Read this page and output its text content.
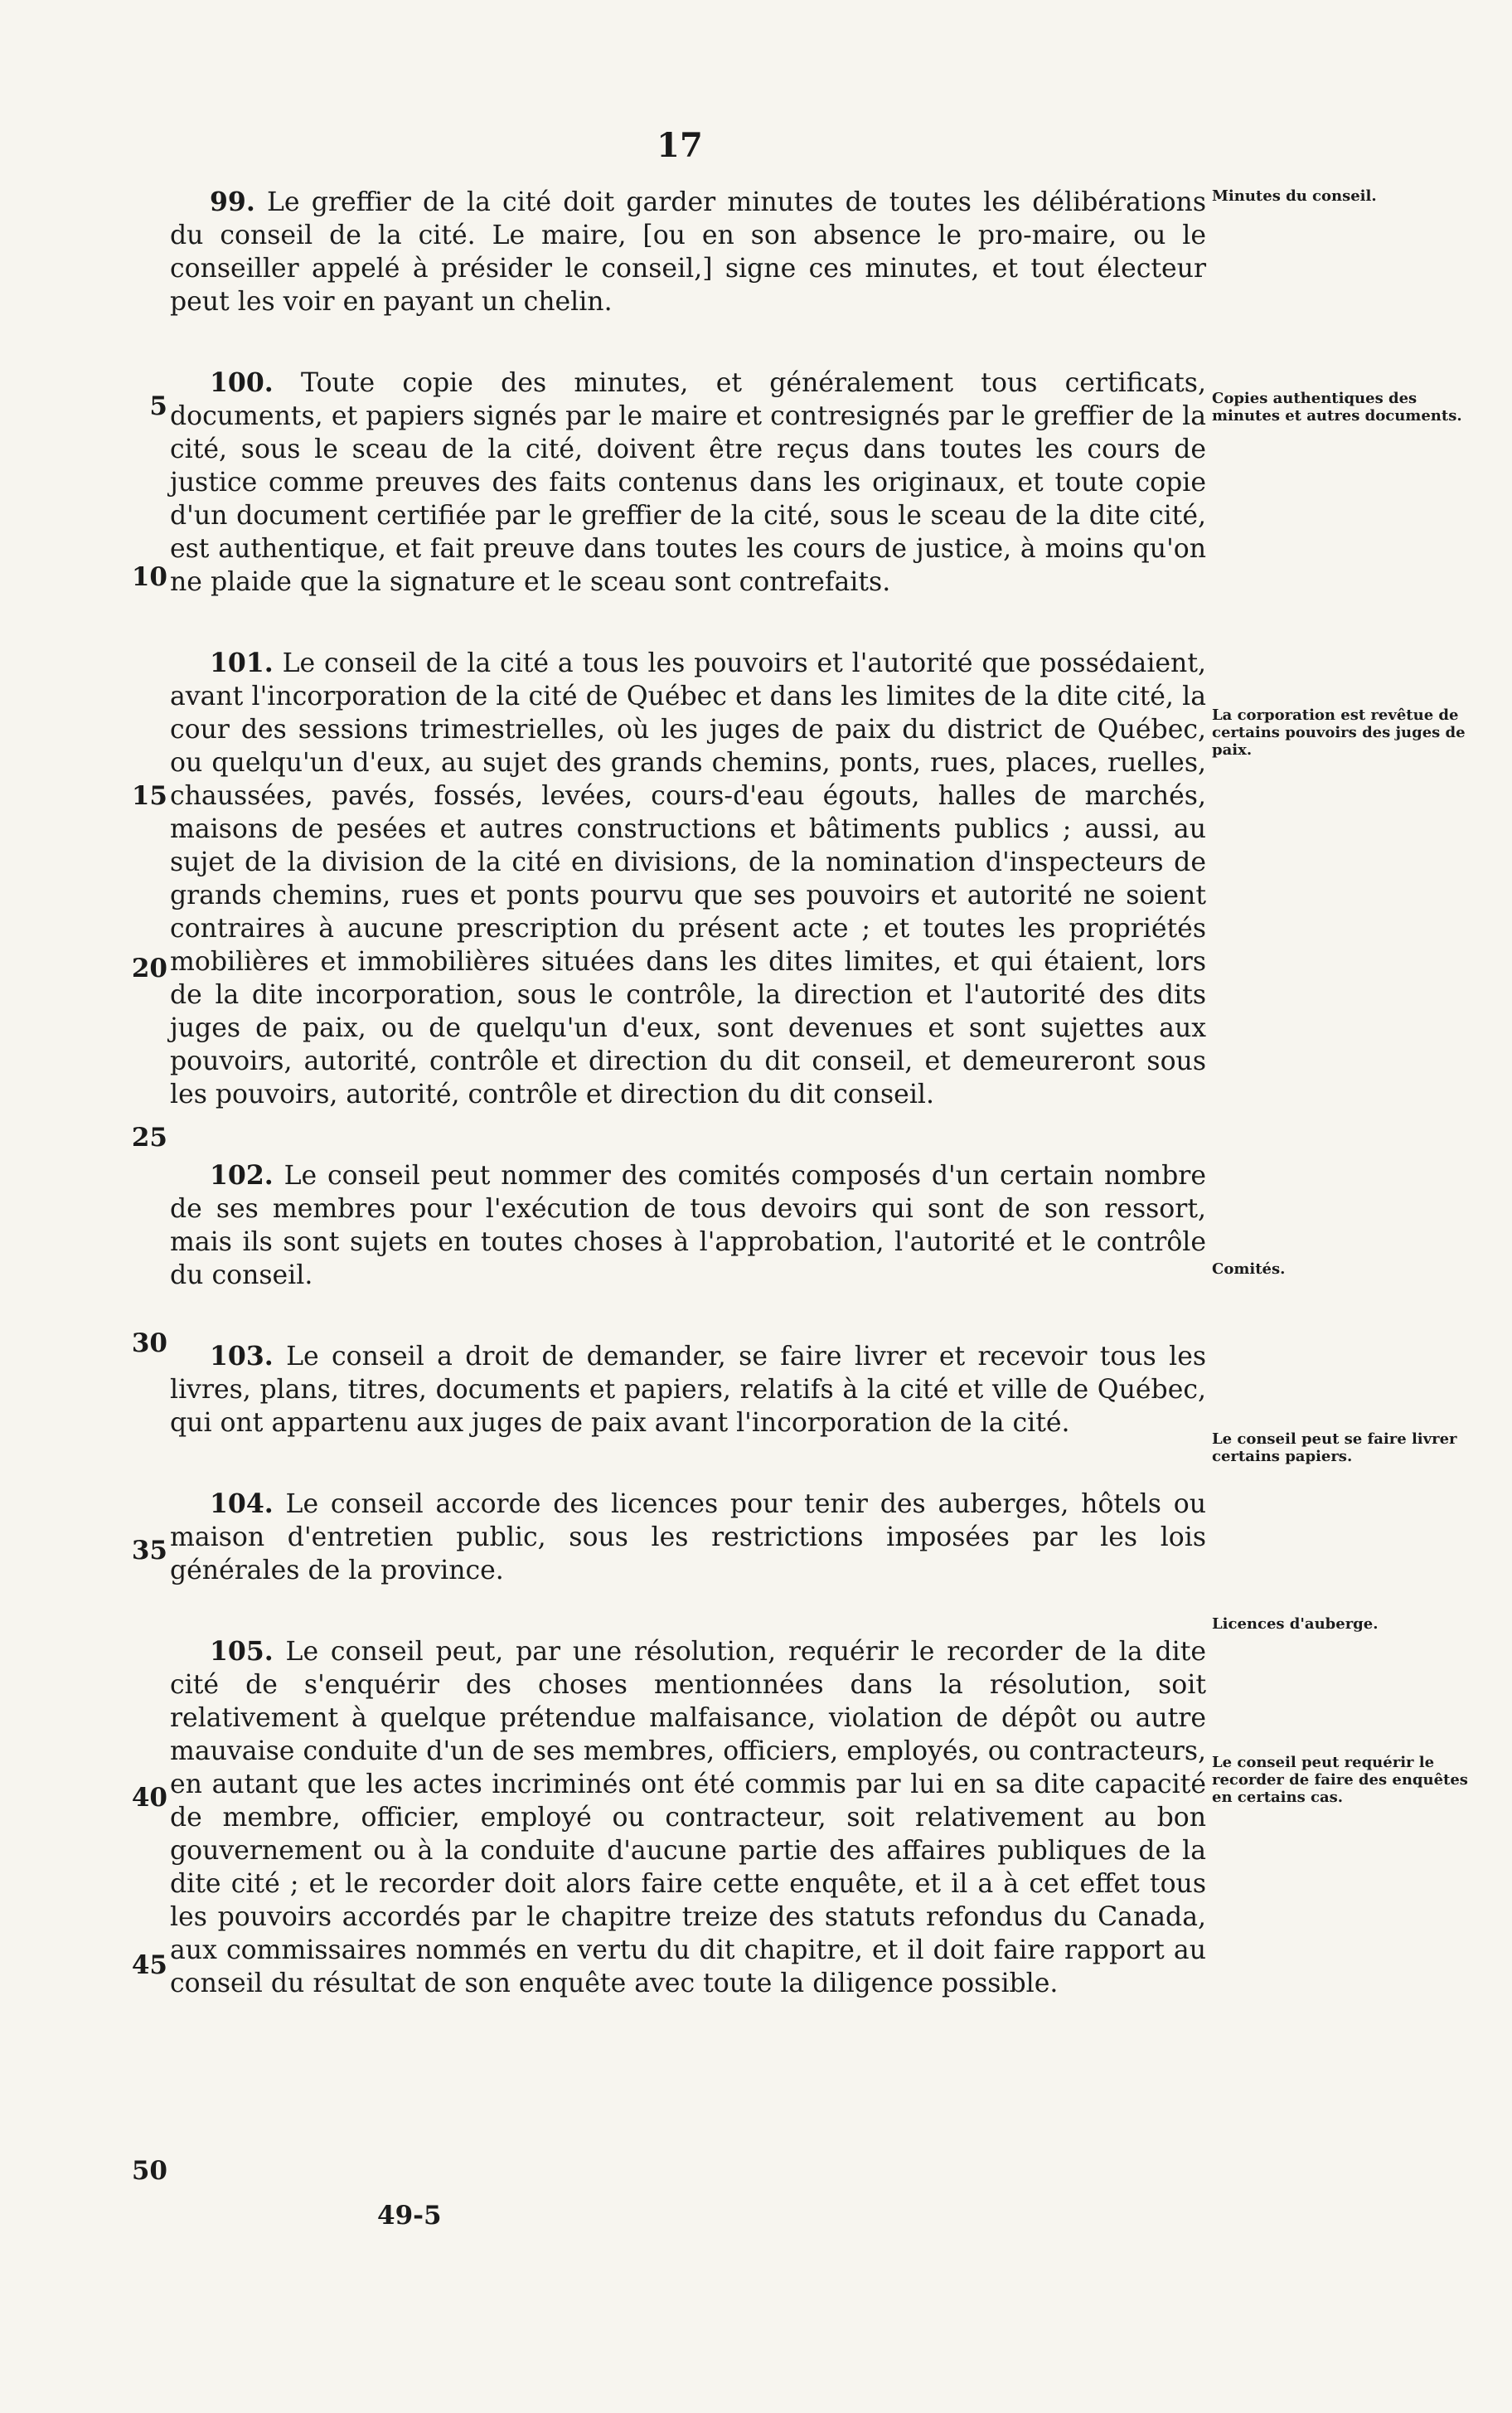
17

99. Le greffier de la cité doit garder minutes de toutes les délibérations du conseil de la cité. Le maire, [ou en son absence le pro-maire, ou le conseiller appelé à présider le conseil,] signe ces minutes, et tout électeur peut les voir en payant un chelin.

100. Toute copie des minutes, et généralement tous certificats, documents, et papiers signés par le maire et contresignés par le greffier de la cité, sous le sceau de la cité, doivent être reçus dans toutes les cours de justice comme preuves des faits contenus dans les originaux, et toute copie d'un document certifiée par le greffier de la cité, sous le sceau de la dite cité, est authentique, et fait preuve dans toutes les cours de justice, à moins qu'on ne plaide que la signature et le sceau sont contrefaits.

101. Le conseil de la cité a tous les pouvoirs et l'autorité que possédaient, avant l'incorporation de la cité de Québec et dans les limites de la dite cité, la cour des sessions trimestrielles, où les juges de paix du district de Québec, ou quelqu'un d'eux, au sujet des grands chemins, ponts, rues, places, ruelles, chaussées, pavés, fossés, levées, cours-d'eau égouts, halles de marchés, maisons de pesées et autres constructions et bâtiments publics ; aussi, au sujet de la division de la cité en divisions, de la nomination d'inspecteurs de grands chemins, rues et ponts pourvu que ses pouvoirs et autorité ne soient contraires à aucune prescription du présent acte ; et toutes les propriétés mobilières et immobilières situées dans les dites limites, et qui étaient, lors de la dite incorporation, sous le contrôle, la direction et l'autorité des dits juges de paix, ou de quelqu'un d'eux, sont devenues et sont sujettes aux pouvoirs, autorité, contrôle et direction du dit conseil, et demeureront sous les pouvoirs, autorité, contrôle et direction du dit conseil.

102. Le conseil peut nommer des comités composés d'un certain nombre de ses membres pour l'exécution de tous devoirs qui sont de son ressort, mais ils sont sujets en toutes choses à l'approbation, l'autorité et le contrôle du conseil.

103. Le conseil a droit de demander, se faire livrer et recevoir tous les livres, plans, titres, documents et papiers, relatifs à la cité et ville de Québec, qui ont appartenu aux juges de paix avant l'incorporation de la cité.

104. Le conseil accorde des licences pour tenir des auberges, hôtels ou maison d'entretien public, sous les restrictions imposées par les lois générales de la province.

105. Le conseil peut, par une résolution, requérir le recorder de la dite cité de s'enquérir des choses mentionnées dans la résolution, soit relativement à quelque prétendue malfaisance, violation de dépôt ou autre mauvaise conduite d'un de ses membres, officiers, employés, ou contracteurs, en autant que les actes incriminés ont été commis par lui en sa dite capacité de membre, officier, employé ou contracteur, soit relativement au bon gouvernement ou à la conduite d'aucune partie des affaires publiques de la dite cité ; et le recorder doit alors faire cette enquête, et il a à cet effet tous les pouvoirs accordés par le chapitre treize des statuts refondus du Canada, aux commissaires nommés en vertu du dit chapitre, et il doit faire rapport au conseil du résultat de son enquête avec toute la diligence possible.

Minutes du conseil.
Copies authentiques des minutes et autres documents.
La corporation est revêtue de certains pouvoirs des juges de paix.
Comités.
Le conseil peut se faire livrer certains papiers.
Licences d'auberge.
Le conseil peut requérir le recorder de faire des enquêtes en certains cas.
5
10
15
20
25
30
35
40
45
50
49-5
